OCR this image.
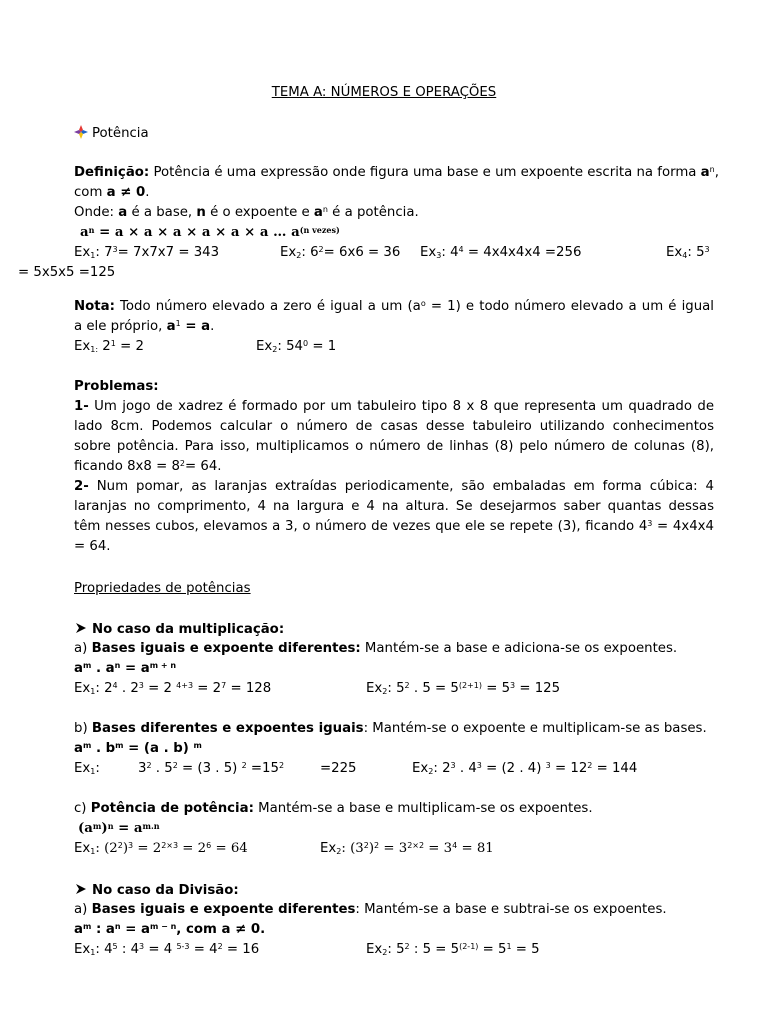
TEMA A: NÚMEROS E OPERAÇÕES
Potência
Definição: Potência é uma expressão onde figura uma base e um expoente escrita na forma $a^n$,
com a ≠ 0.
Onde: a é a base, n é o expoente e $a^n$ é a potência.
$a^n = a \times a \times a \times a \times a \times a$ … $a^{(n vezes)}$
$Ex_1$: $7^3= 7x7x7 = 343$	$Ex_2$: $6^2= 6x6 = 36$ $Ex_3$: $4^4 = 4x4x4x4 =256$	$Ex_4$: $5^3$
= 5x5x5 =125
Nota: Todo número elevado a zero é igual a um $(a^o = 1)$ e todo número elevado a um é igual
a ele próprio, $a^1 = a$.
$Ex_{1:}$ $2^1 = 2$	$Ex_2$: $54^0 = 1$
Problemas:
1- Um jogo de xadrez é formado por um tabuleiro tipo 8 x 8 que representa um quadrado de
lado 8cm. Podemos calcular o número de casas desse tabuleiro utilizando conhecimentos
sobre potência. Para isso, multiplicamos o número de linhas (8) pelo número de colunas (8),
ficando $8x8 = 8^2= 64$.
2- Num pomar, as laranjas extraídas periodicamente, são embaladas em forma cúbica: 4
laranjas no comprimento, 4 na largura e 4 na altura. Se desejarmos saber quantas dessas
têm nesses cubos, elevamos a 3, o número de vezes que ele se repete (3), ficando $4^3 = 4x4x4$
= 64.
Propriedades de potências
No caso da multiplicação:
a) Bases iguais e expoente diferentes: Mantém-se a base e adiciona-se os expoentes.
$a^m$ . $a^n = a^{m + n}$
$Ex_1$: $2^4$ . $2^3 = 2$ $^{4+3} = 2^7 = 128$	$Ex_2$: $5^2$ . $5 = 5^{(2+1)} = 5^3 = 125$
b) Bases diferentes e expoentes iguais: Mantém-se o expoente e multiplicam-se as bases.
$a^m$ . $b^m = (a$ . b) $^m$
$Ex_1$:	$3^2$ . $5^2 = (3$ . 5) $^2 =15^2$	=225	$Ex_2$: $2^3$ . $4^3 = (2$ . 4) $^3 = 12^2 = 144$
c) Potência de potência: Mantém-se a base e multiplicam-se os expoentes.
$(a^m)^n = a^{m.n}$
$Ex_1$: $(2^2)^3 = 2^{2\times 3} = 2^6 = 64$	$Ex_2$: $(3^2)^2 = 3^{2\times 2} = 3^4 = 81$
No caso da Divisão:
a) Bases iguais e expoente diferentes: Mantém-se a base e subtrai-se os expoentes.
$a^m$ : $a^n = a^{m - n}$, com a ≠ 0.
$Ex_1$: $4^5$ : $4^3 = 4$ $^{5-3} = 4^2 = 16$	$Ex_2$: $5^2$ : $5 = 5^{(2-1)} = 5^1 = 5$
